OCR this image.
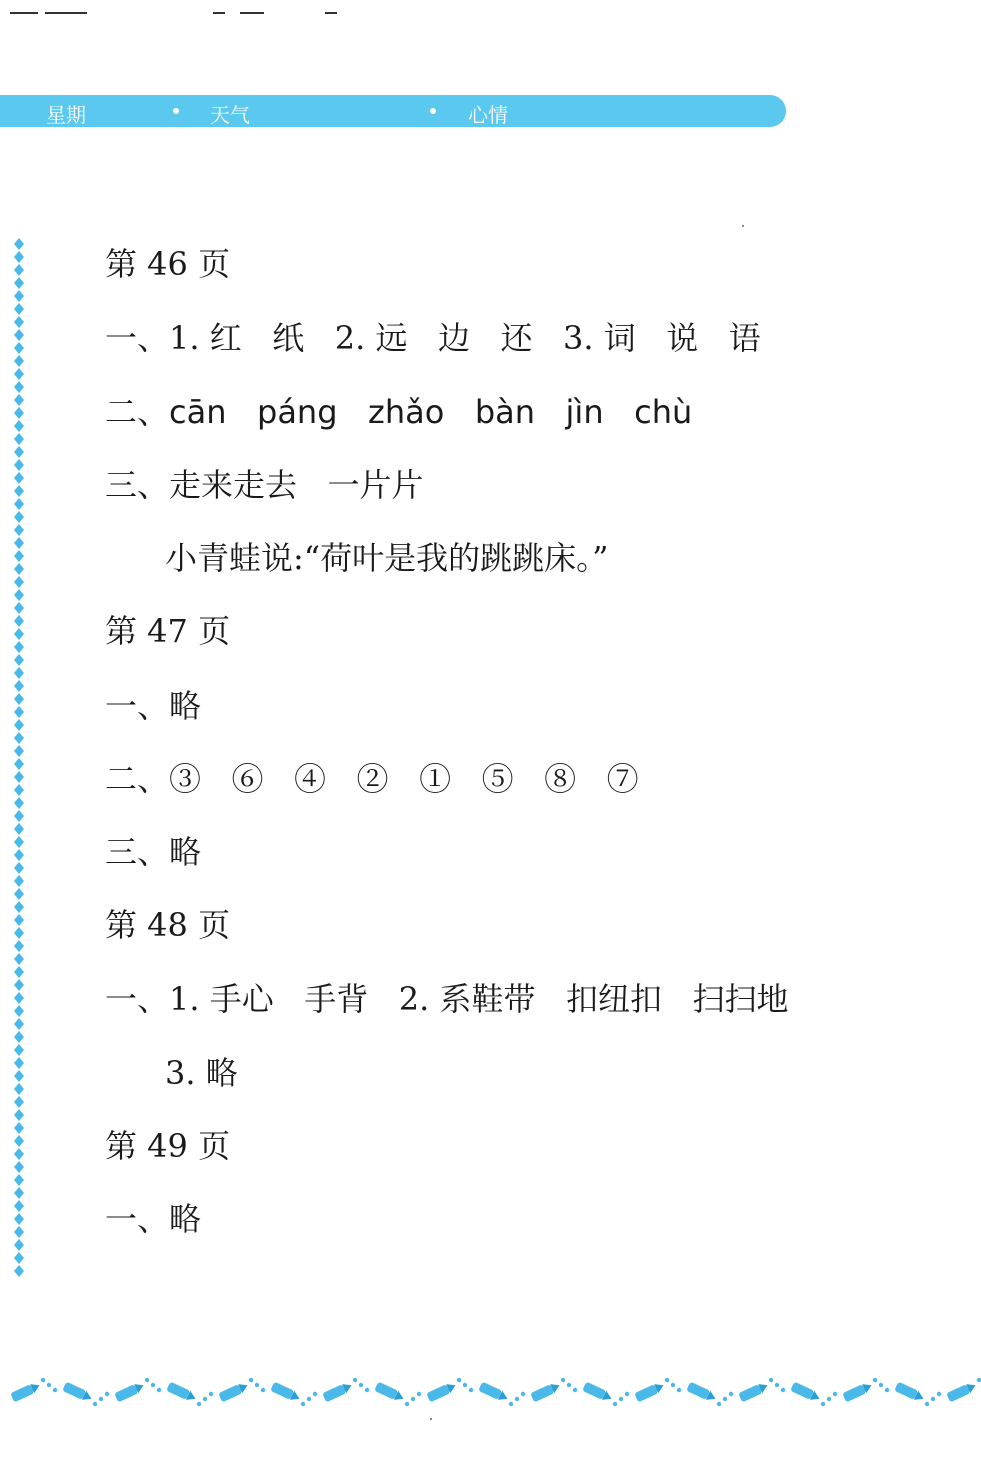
星期	天气	心情
第 46 页
一、1. 红   纸   2. 远   边   还   3. 词   说   语
二、cān   páng   zhǎo   bàn   jìn   chù
三、走来走去   一片片
小青蛙说:“荷叶是我的跳跳床。”
第 47 页
一、略
二、③   ⑥   ④   ②   ①   ⑤   ⑧   ⑦
三、略
第 48 页
一、1. 手心   手背   2. 系鞋带   扣纽扣   扫扫地
3. 略
第 49 页
一、略
